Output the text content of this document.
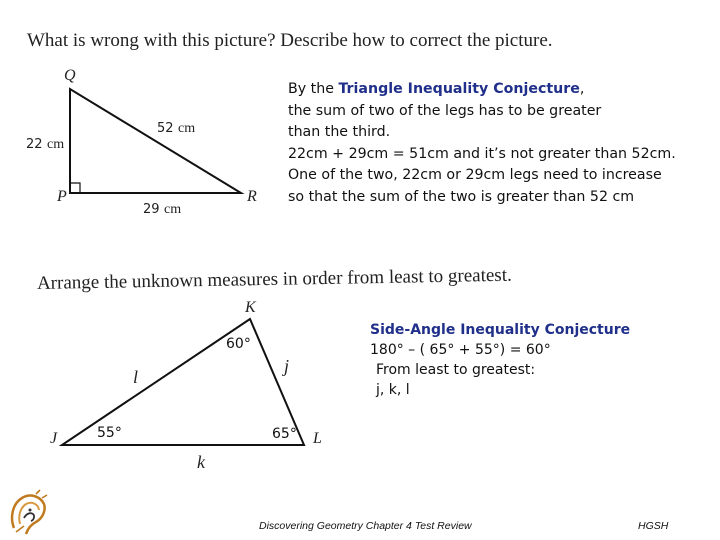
What is wrong with this picture? Describe how to correct the picture.
Q
P	R
22 cm
52 cm
29 cm
By the Triangle Inequality Conjecture,
the sum of two of the legs has to be greater
than the third.
22cm + 29cm = 51cm and it’s not greater than 52cm.
One of the two, 22cm or 29cm legs need to increase
so that the sum of the two is greater than 52 cm
Arrange the unknown measures in order from least to greatest.
K
J	L
l
j
k
60°
55°	65°
Side-Angle Inequality Conjecture
180° – ( 65° + 55°) = 60°
From least to greatest:
j, k, l
Discovering Geometry Chapter 4 Test Review	HGSH
